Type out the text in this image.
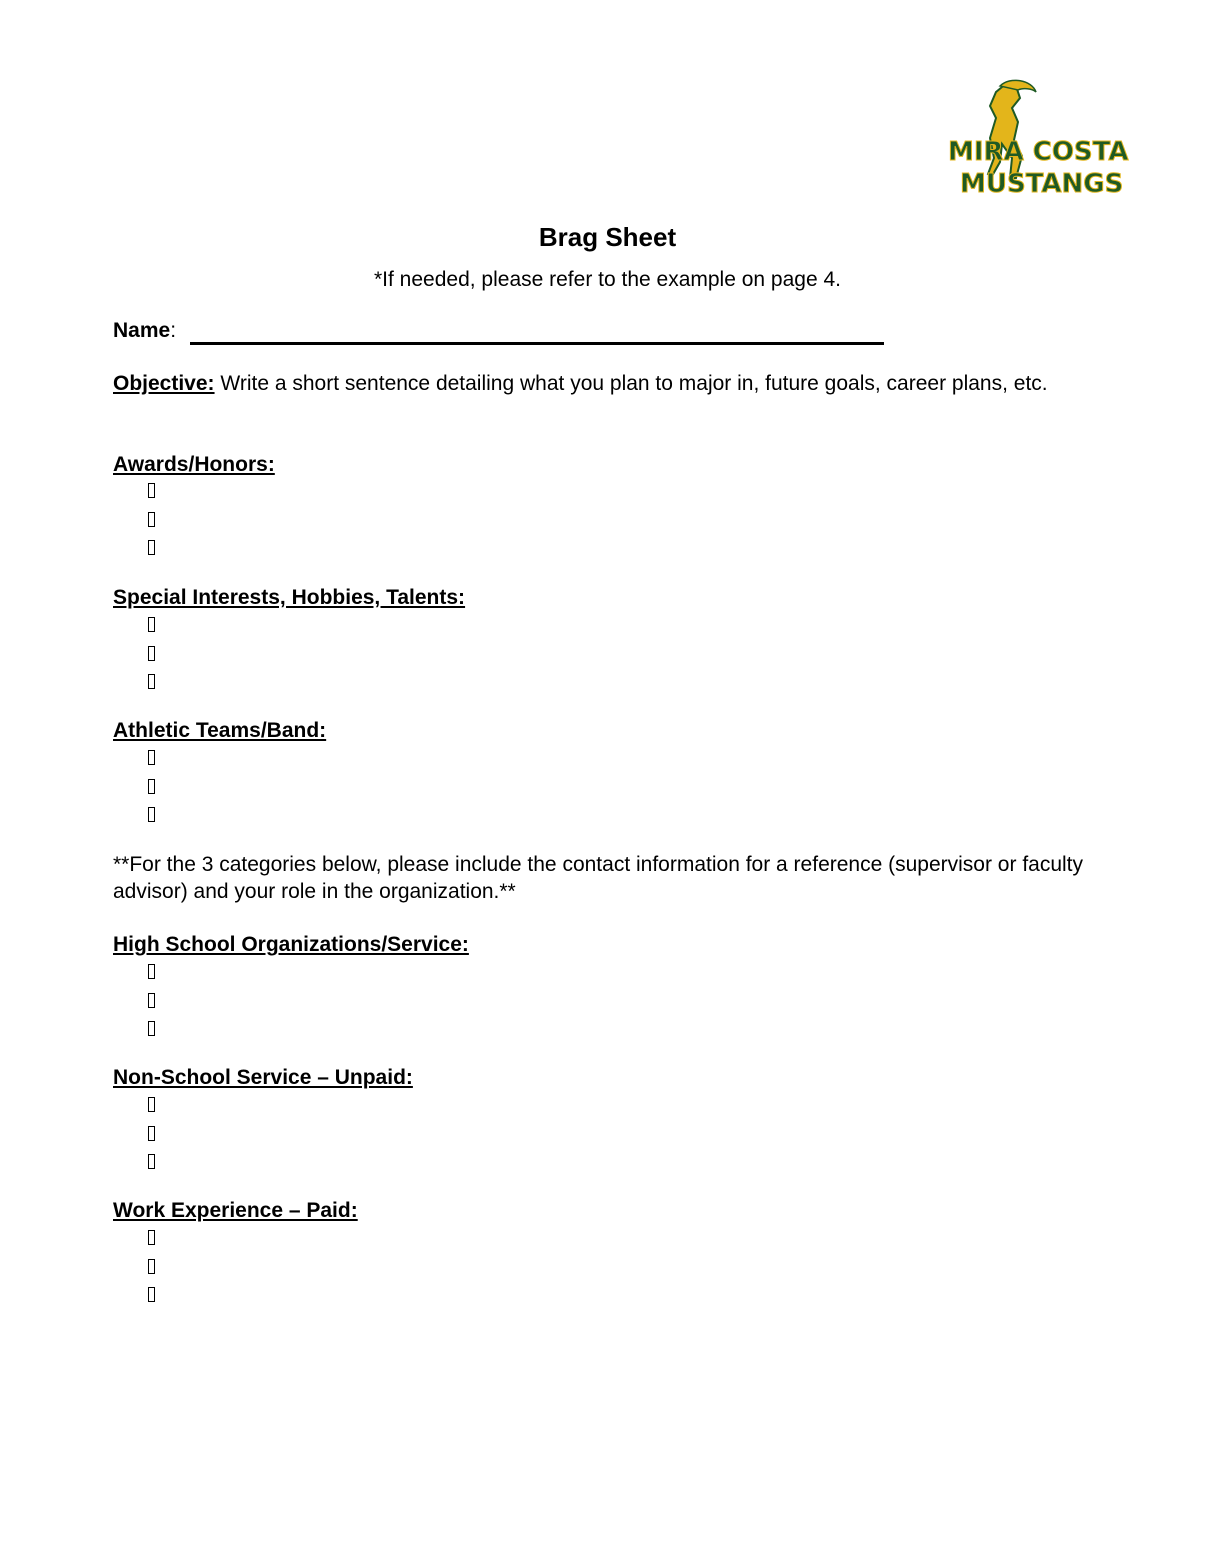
MIRA COSTA
MUSTANGS
Brag Sheet
*If needed, please refer to the example on page 4.
Name:
Objective: Write a short sentence detailing what you plan to major in, future goals, career plans, etc.
Awards/Honors:
Special Interests, Hobbies, Talents:
Athletic Teams/Band:
**For the 3 categories below, please include the contact information for a reference (supervisor or faculty advisor) and your role in the organization.**
High School Organizations/Service:
Non-School Service – Unpaid:
Work Experience – Paid:
